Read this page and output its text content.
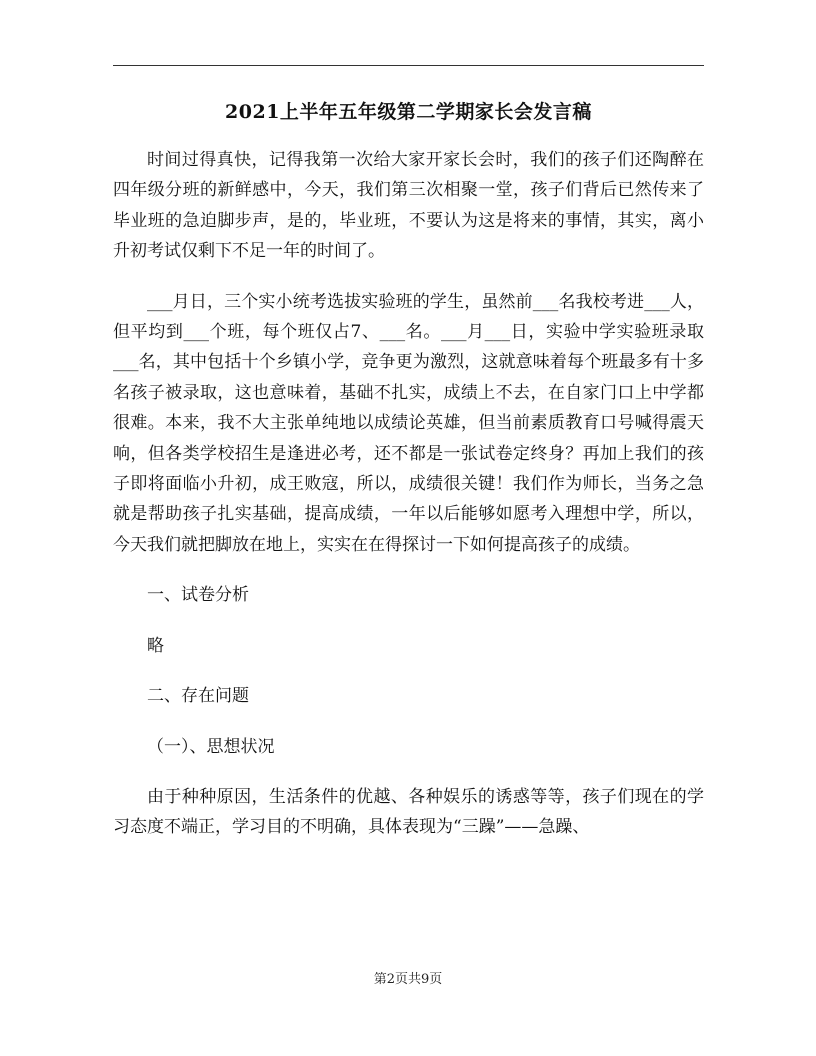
2021上半年五年级第二学期家长会发言稿

时间过得真快，记得我第一次给大家开家长会时，我们的孩子们还陶醉在四年级分班的新鲜感中，今天，我们第三次相聚一堂，孩子们背后已然传来了毕业班的急迫脚步声，是的，毕业班，不要认为这是将来的事情，其实，离小升初考试仅剩下不足一年的时间了。

___月日，三个实小统考选拔实验班的学生，虽然前___名我校考进___人，但平均到___个班，每个班仅占7、___名。___月___日，实验中学实验班录取___名，其中包括十个乡镇小学，竞争更为激烈，这就意味着每个班最多有十多名孩子被录取，这也意味着，基础不扎实，成绩上不去，在自家门口上中学都很难。本来，我不大主张单纯地以成绩论英雄，但当前素质教育口号喊得震天响，但各类学校招生是逢进必考，还不都是一张试卷定终身？再加上我们的孩子即将面临小升初，成王败寇，所以，成绩很关键！我们作为师长，当务之急就是帮助孩子扎实基础，提高成绩，一年以后能够如愿考入理想中学，所以，今天我们就把脚放在地上，实实在在得探讨一下如何提高孩子的成绩。

一、试卷分析

略

二、存在问题

（一）、思想状况

由于种种原因，生活条件的优越、各种娱乐的诱惑等等，孩子们现在的学习态度不端正，学习目的不明确，具体表现为“三躁”——急躁、

第2页共9页
